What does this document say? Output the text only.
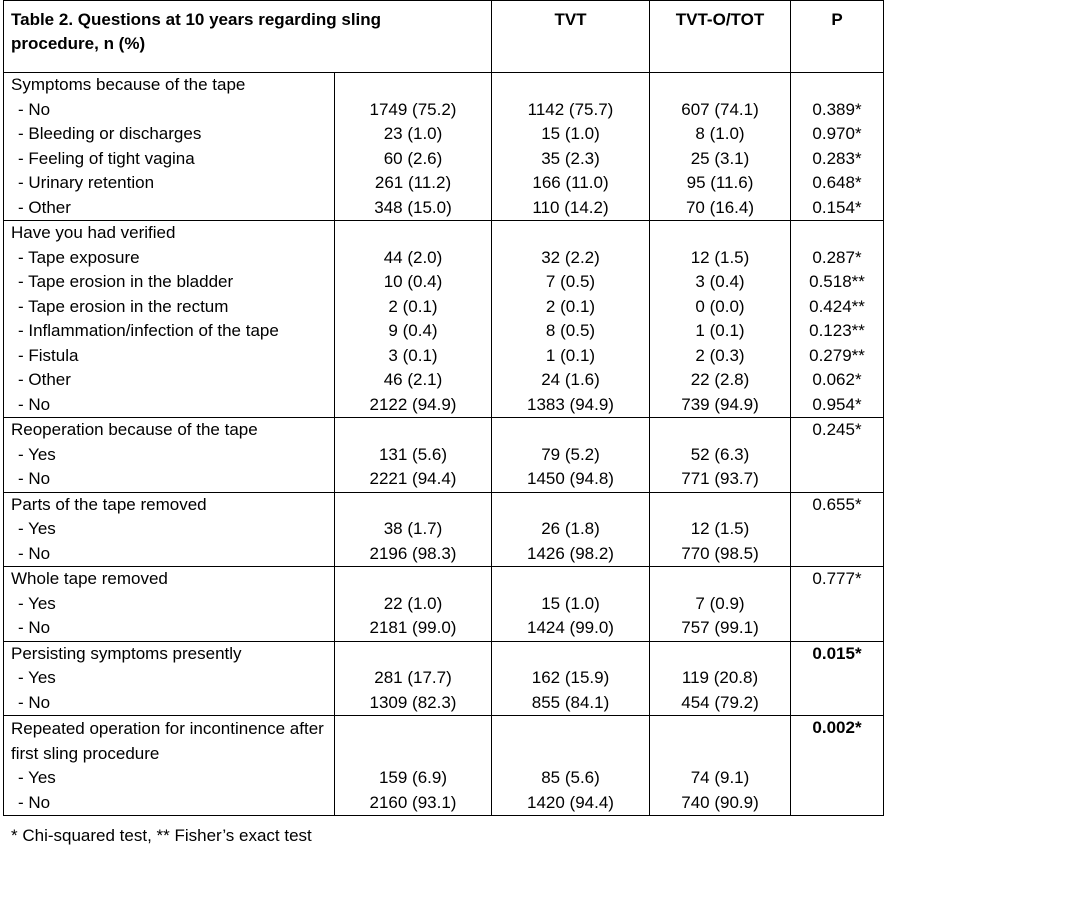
Table 2. Questions at 10 years regarding sling procedure, n (%)		TVT	TVT-O/TOT	P
Symptoms because of the tape				
- No	1749 (75.2)	1142 (75.7)	607 (74.1)	0.389*
- Bleeding or discharges	23 (1.0)	15 (1.0)	8 (1.0)	0.970*
- Feeling of tight vagina	60 (2.6)	35 (2.3)	25 (3.1)	0.283*
- Urinary retention	261 (11.2)	166 (11.0)	95 (11.6)	0.648*
- Other	348 (15.0)	110 (14.2)	70 (16.4)	0.154*
Have you had verified				
- Tape exposure	44 (2.0)	32 (2.2)	12 (1.5)	0.287*
- Tape erosion in the bladder	10 (0.4)	7 (0.5)	3 (0.4)	0.518**
- Tape erosion in the rectum	2 (0.1)	2 (0.1)	0 (0.0)	0.424**
- Inflammation/infection of the tape	9 (0.4)	8 (0.5)	1 (0.1)	0.123**
- Fistula	3 (0.1)	1 (0.1)	2 (0.3)	0.279**
- Other	46 (2.1)	24 (1.6)	22 (2.8)	0.062*
- No	2122 (94.9)	1383 (94.9)	739 (94.9)	0.954*
Reoperation because of the tape				0.245*
- Yes	131 (5.6)	79 (5.2)	52 (6.3)	
- No	2221 (94.4)	1450 (94.8)	771 (93.7)	
Parts of the tape removed				0.655*
- Yes	38 (1.7)	26 (1.8)	12 (1.5)	
- No	2196 (98.3)	1426 (98.2)	770 (98.5)	
Whole tape removed				0.777*
- Yes	22 (1.0)	15 (1.0)	7 (0.9)	
- No	2181 (99.0)	1424 (99.0)	757 (99.1)	
Persisting symptoms presently				0.015*
- Yes	281 (17.7)	162 (15.9)	119 (20.8)	
- No	1309 (82.3)	855 (84.1)	454 (79.2)	
Repeated operation for incontinence after first sling procedure				0.002*
- Yes	159 (6.9)	85 (5.6)	74 (9.1)	
- No	2160 (93.1)	1420 (94.4)	740 (90.9)	
* Chi-squared test, ** Fisher’s exact test
